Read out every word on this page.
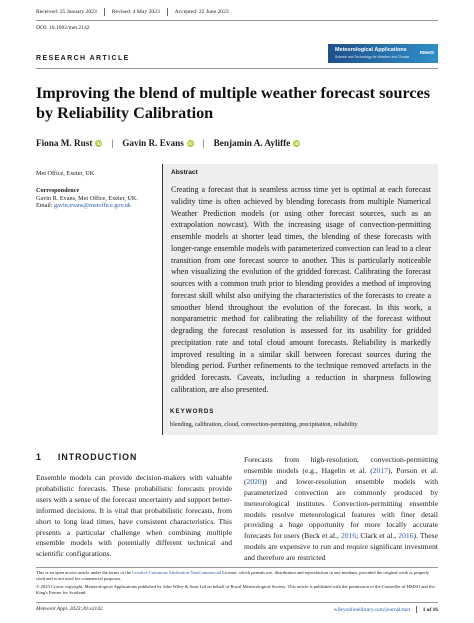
Received: 25 January 2023	Revised: 4 May 2023	Accepted: 22 June 2023
DOI: 10.1002/met.2142
Meteorological Applications
Science and Technology for Weather and Climate
RMetS
RESEARCH ARTICLE
Improving the blend of multiple weather forecast sources by Reliability Calibration
Fiona M. Rust iD | Gavin R. Evans iD | Benjamin A. Ayliffe iD
Met Office, Exeter, UK
Correspondence
Gavin R. Evans, Met Office, Exeter, UK.
Email: gavin.evans@metoffice.gov.uk
Abstract

Creating a forecast that is seamless across time yet is optimal at each forecast validity time is often achieved by blending forecasts from multiple Numerical Weather Prediction models (or using other forecast sources, such as an extrapolation nowcast). With the increasing usage of convection-permitting ensemble models at shorter lead times, the blending of these forecasts with longer-range ensemble models with parameterized convection can lead to a clear transition from one forecast source to another. This is particularly noticeable when visualizing the evolution of the gridded forecast. Calibrating the forecast sources with a common truth prior to blending provides a method of improving forecast skill whilst also unifying the characteristics of the forecasts to create a smoother blend throughout the evolution of the forecast. In this work, a nonparametric method for calibrating the reliability of the forecast without degrading the forecast resolution is assessed for its usability for gridded precipitation rate and total cloud amount forecasts. Reliability is markedly improved resulting in a similar skill between forecast sources during the blending period. Further refinements to the technique removed artefacts in the gridded forecasts. Caveats, including a reduction in sharpness following calibration, are also presented.

KEYWORDS
blending, calibration, cloud, convection-permitting, precipitation, reliability
1 INTRODUCTION

Ensemble models can provide decision-makers with valuable probabilistic forecasts. These probabilistic forecasts provide users with a sense of the forecast uncertainty and support better-informed decisions. It is vital that probabilistic forecasts, from short to long lead times, have consistent characteristics. This presents a particular challenge when combining multiple ensemble models with potentially different technical and scientific configurations.

Forecasts from high-resolution, convection-permitting ensemble models (e.g., Hagelin et al. (2017), Porson et al. (2020)) and lower-resolution ensemble models with parameterized convection are commonly produced by meteorological institutes. Convection-permitting ensemble models resolve meteorological features with finer detail providing a huge opportunity for more locally accurate forecasts for users (Beck et al., 2016; Clark et al., 2016). These models are expensive to run and require significant investment and therefore are restricted

This is an open access article under the terms of the Creative Commons Attribution-NonCommercial License, which permits use, distribution and reproduction in any medium, provided the original work is properly cited and is not used for commercial purposes.
© 2023 Crown copyright. Meteorological Applications published by John Wiley & Sons Ltd on behalf of Royal Meteorological Society. This article is published with the permission of the Controller of HMSO and the King's Printer for Scotland.
Meteorol Appl. 2023;30:e2142.	wileyonlinelibrary.com/journal/met 1 of 16
